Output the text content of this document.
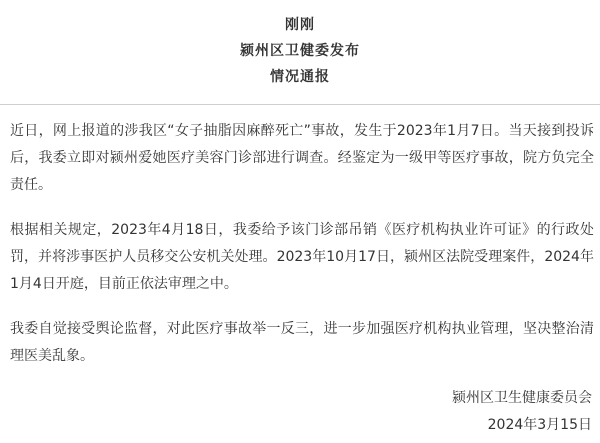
刚刚
颍州区卫健委发布
情况通报

近日，网上报道的涉我区“女子抽脂因麻醉死亡”事故，发生于2023年1月7日。当天接到投诉后，我委立即对颍州爱她医疗美容门诊部进行调查。经鉴定为一级甲等医疗事故，院方负完全责任。

根据相关规定，2023年4月18日，我委给予该门诊部吊销《医疗机构执业许可证》的行政处罚，并将涉事医护人员移交公安机关处理。2023年10月17日，颍州区法院受理案件，2024年1月4日开庭，目前正依法审理之中。

我委自觉接受舆论监督，对此医疗事故举一反三，进一步加强医疗机构执业管理，坚决整治清理医美乱象。

颍州区卫生健康委员会
2024年3月15日
